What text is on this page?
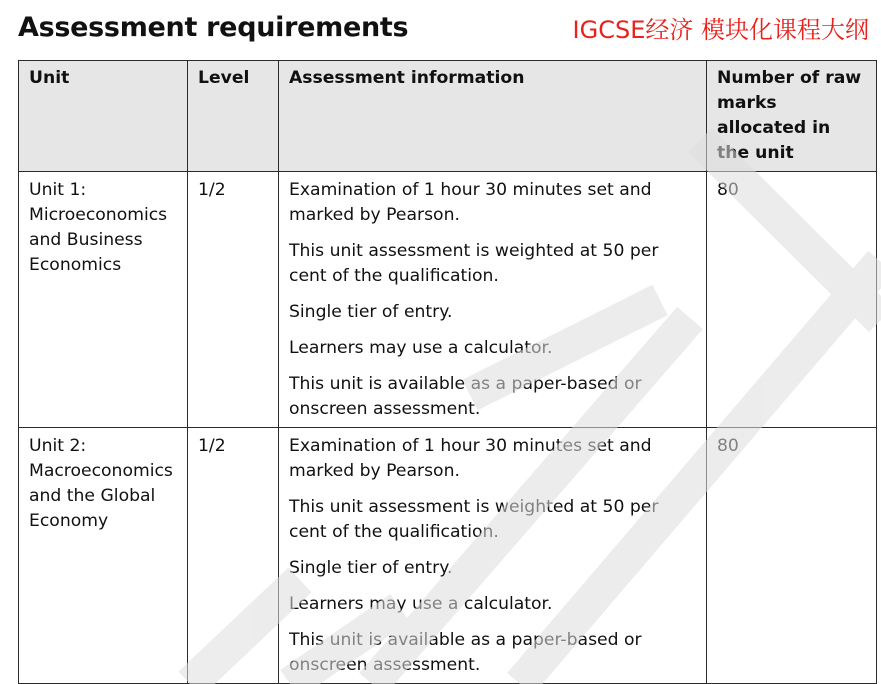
Assessment requirements	IGCSE经济 模块化课程大纲
Unit	Level	Assessment information	Number of raw marks allocated in the unit
Unit 1: Microeconomics and Business Economics	1/2	Examination of 1 hour 30 minutes set and marked by Pearson.

This unit assessment is weighted at 50 per cent of the qualification.

Single tier of entry.

Learners may use a calculator.

This unit is available as a paper-based or onscreen assessment.	80
Unit 2: Macroeconomics and the Global Economy	1/2	Examination of 1 hour 30 minutes set and marked by Pearson.

This unit assessment is weighted at 50 per cent of the qualification.

Single tier of entry.

Learners may use a calculator.

This unit is available as a paper-based or onscreen assessment.	80
